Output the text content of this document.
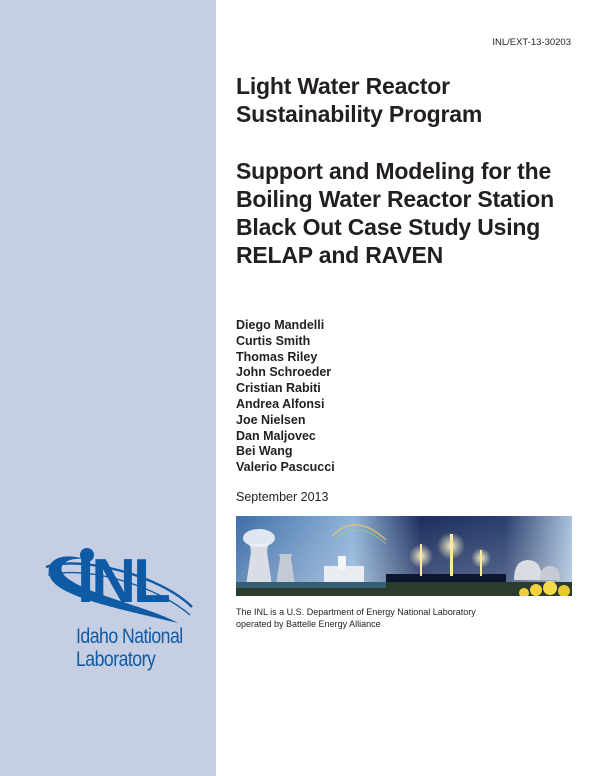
INL
Idaho National
Laboratory
INL/EXT-13-30203
Light Water Reactor Sustainability Program
Support and Modeling for the Boiling Water Reactor Station Black Out Case Study Using RELAP and RAVEN
Diego Mandelli
Curtis Smith
Thomas Riley
John Schroeder
Cristian Rabiti
Andrea Alfonsi
Joe Nielsen
Dan Maljovec
Bei Wang
Valerio Pascucci
September 2013
The INL is a U.S. Department of Energy National Laboratory
operated by Battelle Energy Alliance
